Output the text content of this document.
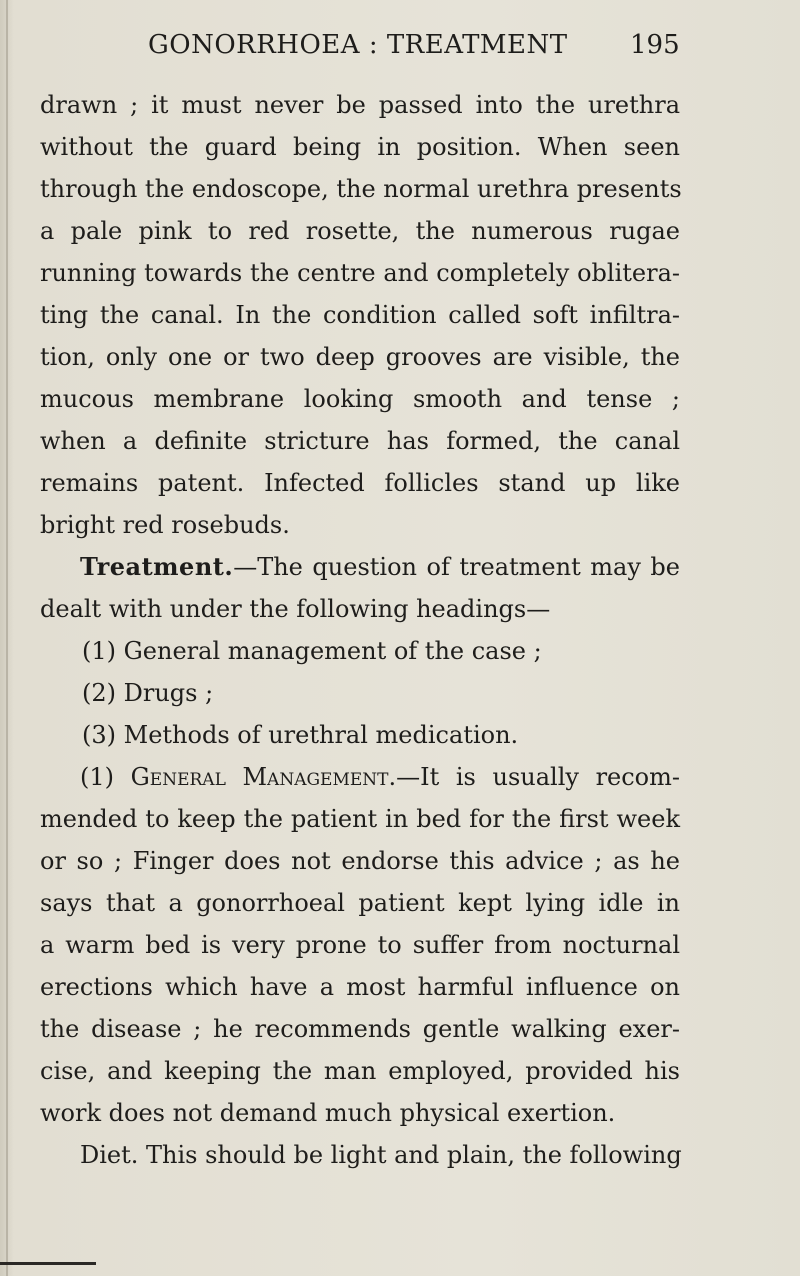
GONORRHOEA : TREATMENT 195
drawn ; it must never be passed into the urethra
without the guard being in position. When seen
through the endoscope, the normal urethra presents
a pale pink to red rosette, the numerous rugae
running towards the centre and completely oblitera-
ting the canal. In the condition called soft infiltra-
tion, only one or two deep grooves are visible, the
mucous membrane looking smooth and tense ;
when a definite stricture has formed, the canal
remains patent. Infected follicles stand up like
bright red rosebuds.
Treatment.—The question of treatment may be
dealt with under the following headings—
(1) General management of the case ;
(2) Drugs ;
(3) Methods of urethral medication.
(1) General Management.—It is usually recom-
mended to keep the patient in bed for the first week
or so ; Finger does not endorse this advice ; as he
says that a gonorrhoeal patient kept lying idle in
a warm bed is very prone to suffer from nocturnal
erections which have a most harmful influence on
the disease ; he recommends gentle walking exer-
cise, and keeping the man employed, provided his
work does not demand much physical exertion.
Diet. This should be light and plain, the following
